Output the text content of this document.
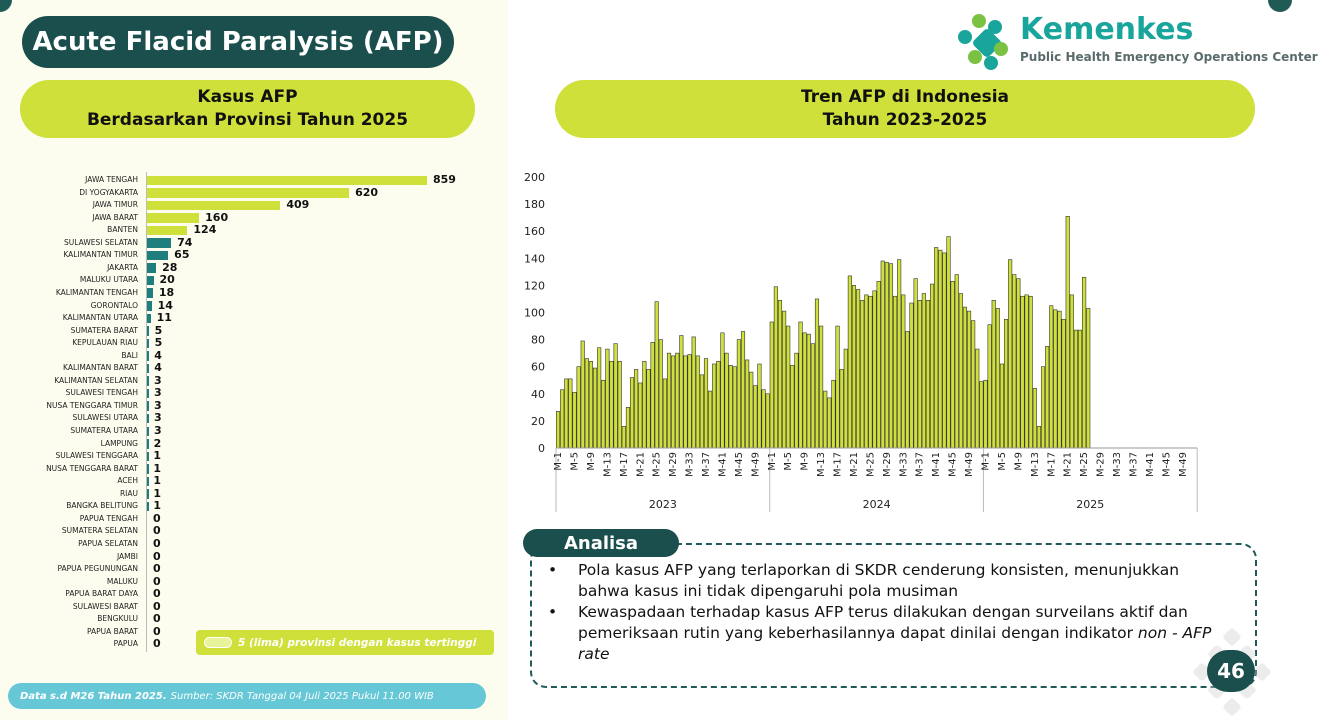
Acute Flacid Paralysis (AFP)	Kemenkes
Public Health Emergency Operations Center
Kasus AFP
Berdasarkan Provinsi Tahun 2025
Tren AFP di Indonesia
Tahun 2023-2025
JAWA TENGAH	859
DI YOGYAKARTA	620
JAWA TIMUR	409
JAWA BARAT	160
BANTEN	124
SULAWESI SELATAN	74
KALIMANTAN TIMUR	65
JAKARTA 28
MALUKU UTARA 20
KALIMANTAN TENGAH 18
GORONTALO 14
KALIMANTAN UTARA 11
SUMATERA BARAT 5
KEPULAUAN RIAU 5
BALI 4
KALIMANTAN BARAT 4
KALIMANTAN SELATAN 3
SULAWESI TENGAH 3
NUSA TENGGARA TIMUR 3
SULAWESI UTARA 3
SUMATERA UTARA 3
LAMPUNG 2
SULAWESI TENGGARA 1
NUSA TENGGARA BARAT 1
ACEH 1
RIAU 1
BANGKA BELITUNG 1
PAPUA TENGAH 0
SUMATERA SELATAN 0
PAPUA SELATAN 0
JAMBI 0
PAPUA PEGUNUNGAN 0
MALUKU 0
PAPUA BARAT DAYA 0
SULAWESI BARAT 0
BENGKULU 0
PAPUA BARAT 0
PAPUA 0	5 (lima) provinsi dengan kasus tertinggi
Data s.d M26 Tahun 2025. Sumber: SKDR Tanggal 04 Juli 2025 Pukul 11.00 WIB
0
20
40
60
80
100
120
140
160
180
200
M-1 M-5 M-9 M-13 M-17 M-21 M-25 M-29 M-33 M-37 M-41 M-45 M-49 M-1 M-5 M-9 M-13 M-17 M-21 M-25 M-29 M-33 M-37 M-41 M-45 M-49 M-1 M-5 M-9 M-13 M-17 M-21 M-25 M-29 M-33 M-37 M-41 M-45 M-49
2023	2024	2025
Analisa
• Pola kasus AFP yang terlaporkan di SKDR cenderung konsisten, menunjukkan bahwa kasus ini tidak dipengaruhi pola musiman
• Kewaspadaan terhadap kasus AFP terus dilakukan dengan surveilans aktif dan pemeriksaan rutin yang keberhasilannya dapat dinilai dengan indikator non - AFP rate
46
